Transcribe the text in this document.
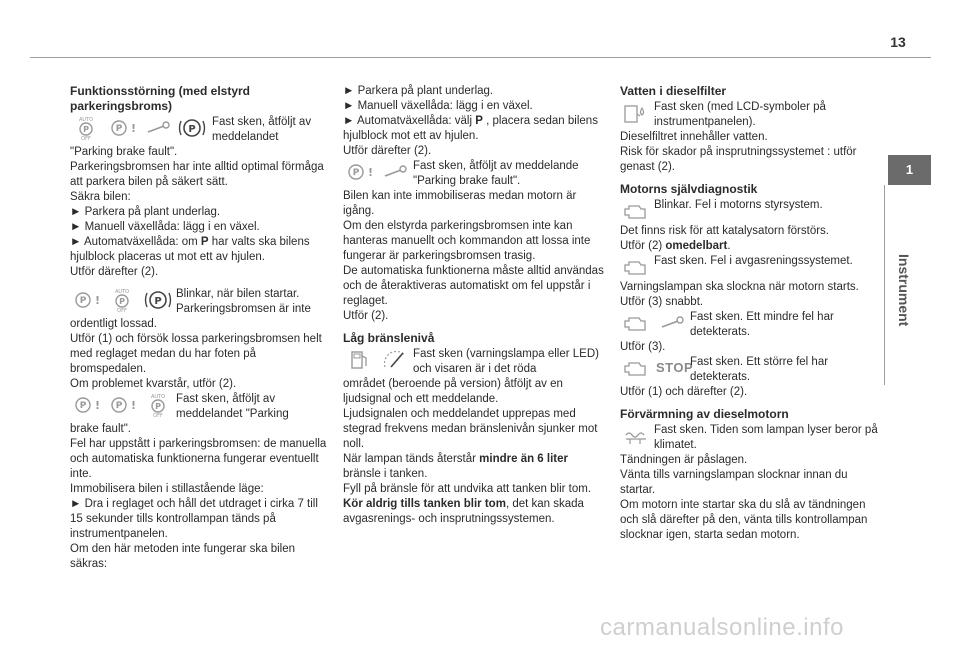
13
1
Instrument
Funktionsstörning (med elstyrd parkeringsbroms)
AUTO
P
OFF
P !	P
Fast sken, åtföljt av meddelandet

"Parking brake fault".

Parkeringsbromsen har inte alltid optimal förmåga att parkera bilen på säkert sätt.

Säkra bilen:

► Parkera på plant underlag.

► Manuell växellåda: lägg i en växel.

► Automatväxellåda: om P har valts ska bilens hjulblock placeras ut mot ett av hjulen.

Utför därefter (2).

P !
AUTO
P
OFF
P
Blinkar, när bilen startar. Parkeringsbromsen är inte

ordentligt lossad.

Utför (1) och försök lossa parkeringsbromsen helt med reglaget medan du har foten på bromspedalen.

Om problemet kvarstår, utför (2).

P ! P !
AUTO
P
OFF
Fast sken, åtföljt av meddelandet "Parking

brake fault".

Fel har uppstått i parkeringsbromsen: de manuella och automatiska funktionerna fungerar eventuellt inte.

Immobilisera bilen i stillastående läge:

► Dra i reglaget och håll det utdraget i cirka 7 till 15 sekunder tills kontrollampan tänds på instrumentpanelen.

Om den här metoden inte fungerar ska bilen säkras:

► Parkera på plant underlag.

► Manuell växellåda: lägg i en växel.

► Automatväxellåda: välj P , placera sedan bilens hjulblock mot ett av hjulen.

Utför därefter (2).

P !	Fast sken, åtföljt av meddelande "Parking brake fault".

Bilen kan inte immobiliseras medan motorn är igång.

Om den elstyrda parkeringsbromsen inte kan hanteras manuellt och kommandon att lossa inte fungerar är parkeringsbromsen trasig.

De automatiska funktionerna måste alltid användas och de återaktiveras automatiskt om fel uppstår i reglaget.

Utför (2).

Låg bränslenivå
Fast sken (varningslampa eller LED) och visaren är i det röda

området (beroende på version) åtföljt av en ljudsignal och ett meddelande.

Ljudsignalen och meddelandet upprepas med stegrad frekvens medan bränslenivån sjunker mot noll.

När lampan tänds återstår mindre än 6 liter bränsle i tanken.

Fyll på bränsle för att undvika att tanken blir tom.

Kör aldrig tills tanken blir tom, det kan skada avgasrenings- och insprutningssystemen.

Vatten i dieselfilter
Fast sken (med LCD-symboler på instrumentpanelen).

Dieselfiltret innehåller vatten.

Risk för skador på insprutningssystemet : utför genast (2).

Motorns självdiagnostik
Blinkar. Fel i motorns styrsystem.

Det finns risk för att katalysatorn förstörs.

Utför (2) omedelbart.

Fast sken. Fel i avgasreningssystemet.

Varningslampan ska slockna när motorn starts.

Utför (3) snabbt.

Fast sken. Ett mindre fel har detekterats.

Utför (3).

STOP
Fast sken. Ett större fel har detekterats.

Utför (1) och därefter (2).

Förvärmning av dieselmotorn
Fast sken. Tiden som lampan lyser beror på klimatet.

Tändningen är påslagen.

Vänta tills varningslampan slocknar innan du startar.

Om motorn inte startar ska du slå av tändningen och slå därefter på den, vänta tills kontrollampan slocknar igen, starta sedan motorn.

carmanualsonline.info
